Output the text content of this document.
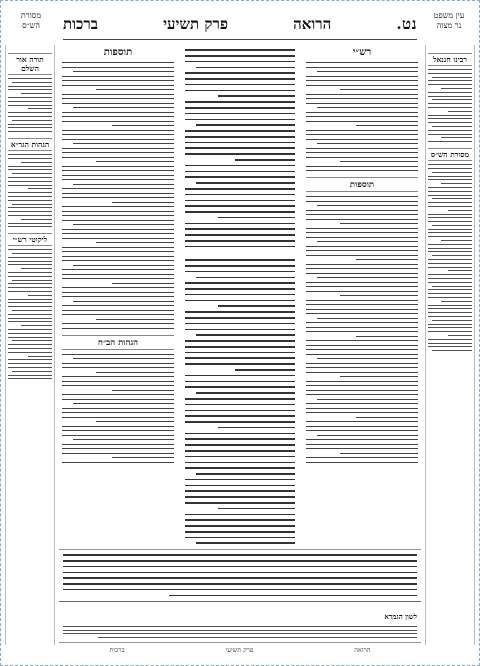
עין משפט
נר מצוה
מסורת
הש״ס	נט.
הרואה
פרק תשיעי
ברכות
רבינו חננאל
מסורת הש״ס
תורה אור השלם
הגהות הגר״א
ליקוטי רש״י
רש״י
תוספות
תוספות
הגהות הב״ח
לשון הגמרא
הרואה
פרק תשיעי
ברכות
